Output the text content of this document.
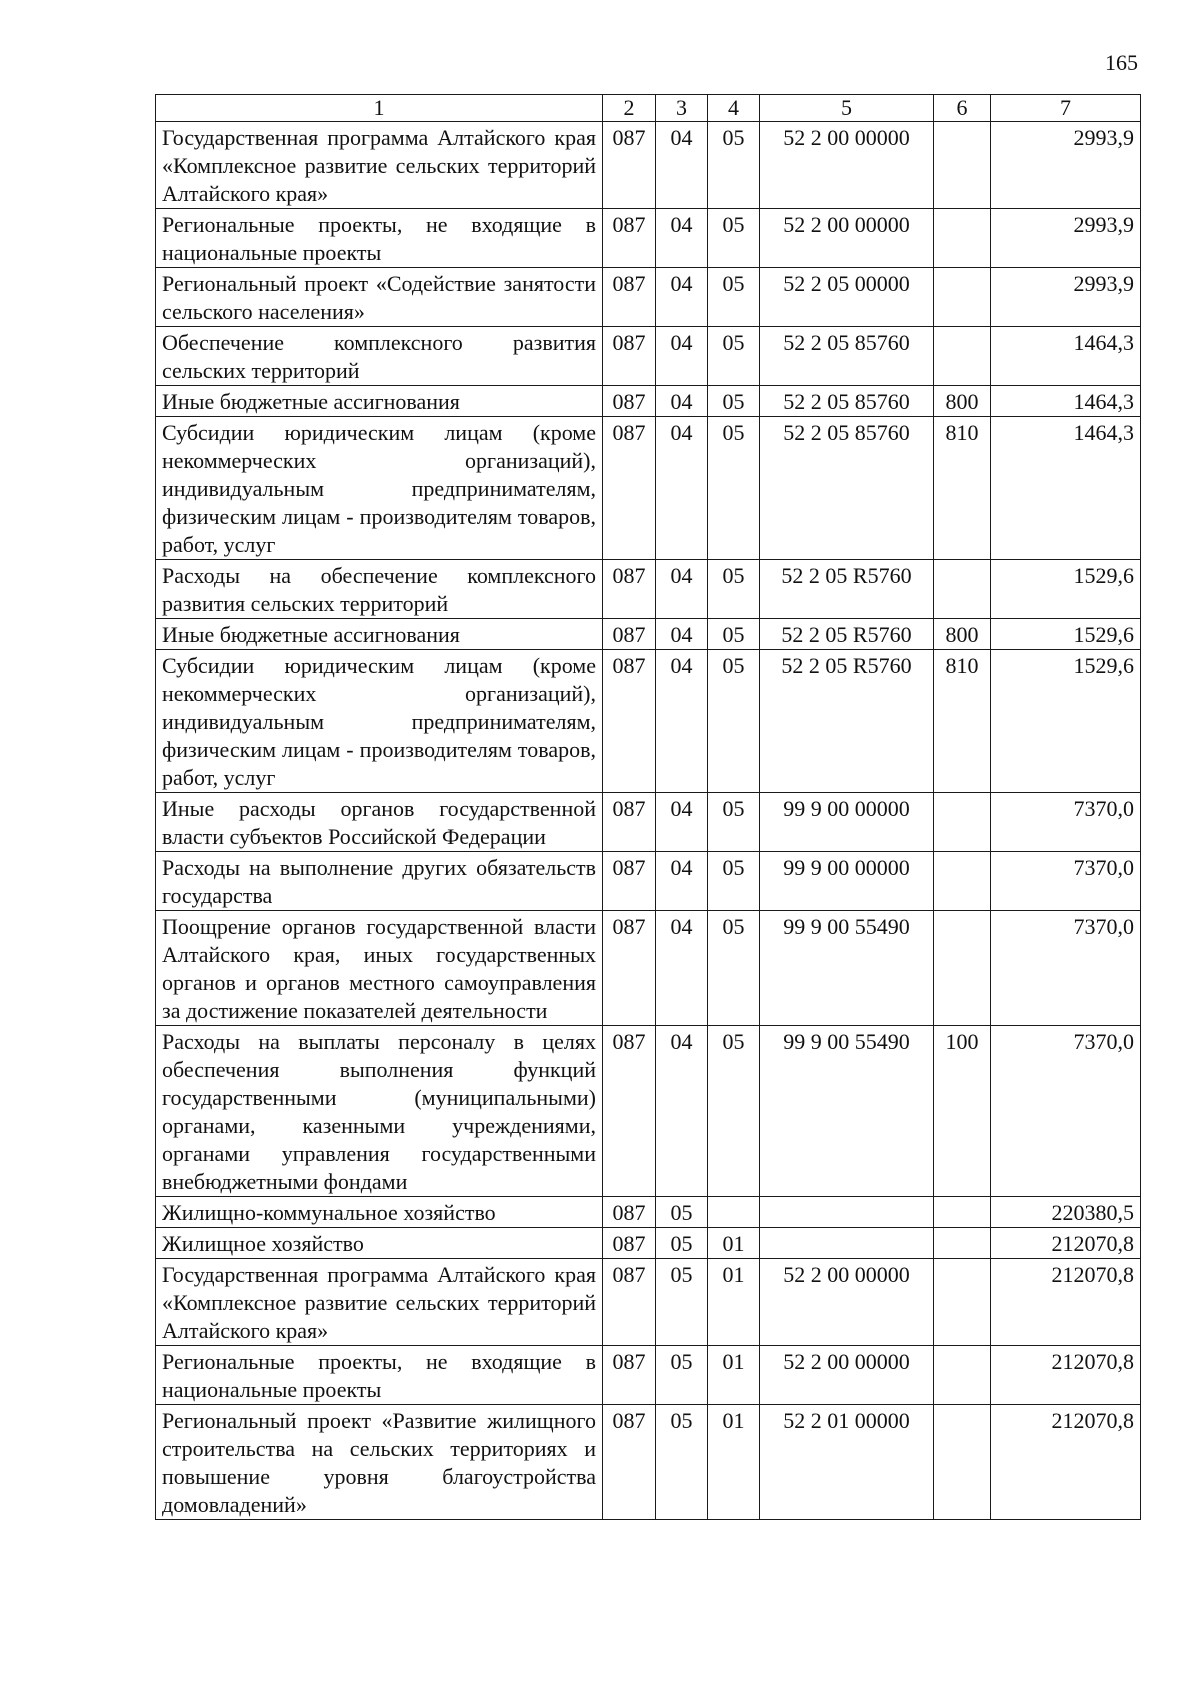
165
1	2	3	4	5	6	7
Государственная программа Алтайского края «Комплексное развитие сельских территорий Алтайского края»	087	04	05	52 2 00 00000		2993,9
Региональные проекты, не входящие в национальные проекты	087	04	05	52 2 00 00000		2993,9
Региональный проект «Содействие занятости сельского населения»	087	04	05	52 2 05 00000		2993,9
Обеспечение комплексного развития сельских территорий	087	04	05	52 2 05 85760		1464,3
Иные бюджетные ассигнования	087	04	05	52 2 05 85760	800	1464,3
Субсидии юридическим лицам (кроме некоммерческих организаций), индивидуальным предпринимателям, физическим лицам - производителям товаров, работ, услуг	087	04	05	52 2 05 85760	810	1464,3
Расходы на обеспечение комплексного развития сельских территорий	087	04	05	52 2 05 R5760		1529,6
Иные бюджетные ассигнования	087	04	05	52 2 05 R5760	800	1529,6
Субсидии юридическим лицам (кроме некоммерческих организаций), индивидуальным предпринимателям, физическим лицам - производителям товаров, работ, услуг	087	04	05	52 2 05 R5760	810	1529,6
Иные расходы органов государственной власти субъектов Российской Федерации	087	04	05	99 9 00 00000		7370,0
Расходы на выполнение других обязательств государства	087	04	05	99 9 00 00000		7370,0
Поощрение органов государственной власти Алтайского края, иных государственных органов и органов местного самоуправления за достижение показателей деятельности	087	04	05	99 9 00 55490		7370,0
Расходы на выплаты персоналу в целях обеспечения выполнения функций государственными (муниципальными) органами, казенными учреждениями, органами управления государственными внебюджетными фондами	087	04	05	99 9 00 55490	100	7370,0
Жилищно-коммунальное хозяйство	087	05				220380,5
Жилищное хозяйство	087	05	01			212070,8
Государственная программа Алтайского края «Комплексное развитие сельских территорий Алтайского края»	087	05	01	52 2 00 00000		212070,8
Региональные проекты, не входящие в национальные проекты	087	05	01	52 2 00 00000		212070,8
Региональный проект «Развитие жилищного строительства на сельских территориях и повышение уровня благоустройства домовладений»	087	05	01	52 2 01 00000		212070,8
